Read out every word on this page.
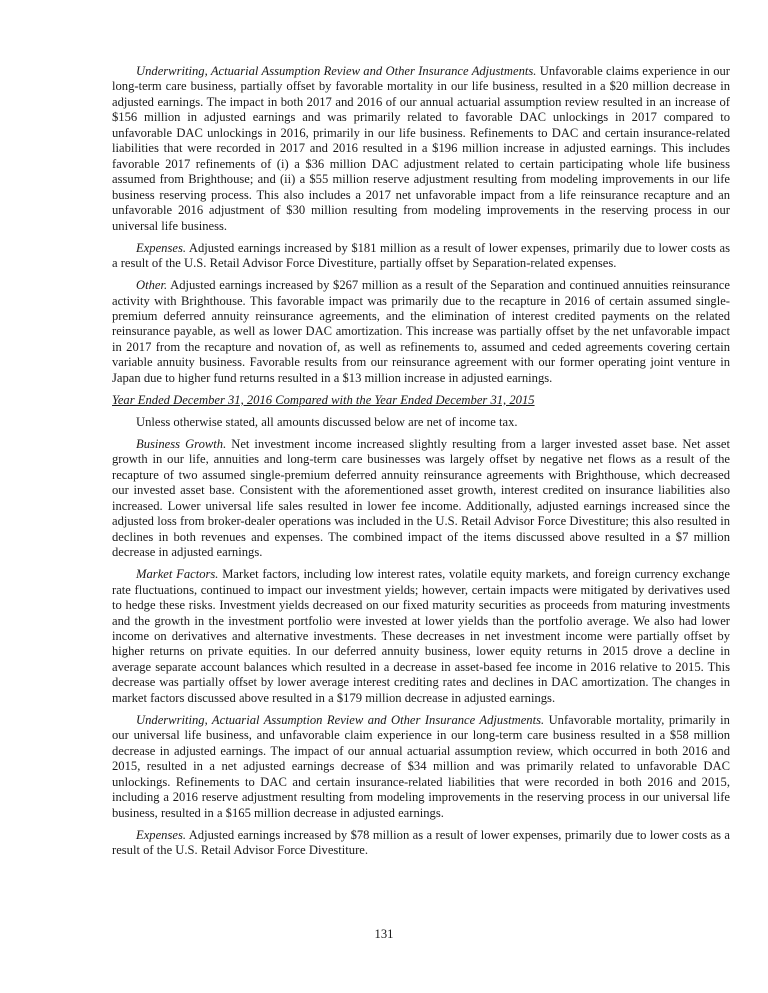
Underwriting, Actuarial Assumption Review and Other Insurance Adjustments. Unfavorable claims experience in our long-term care business, partially offset by favorable mortality in our life business, resulted in a $20 million decrease in adjusted earnings. The impact in both 2017 and 2016 of our annual actuarial assumption review resulted in an increase of $156 million in adjusted earnings and was primarily related to favorable DAC unlockings in 2017 compared to unfavorable DAC unlockings in 2016, primarily in our life business. Refinements to DAC and certain insurance-related liabilities that were recorded in 2017 and 2016 resulted in a $196 million increase in adjusted earnings. This includes favorable 2017 refinements of (i) a $36 million DAC adjustment related to certain participating whole life business assumed from Brighthouse; and (ii) a $55 million reserve adjustment resulting from modeling improvements in our life business reserving process. This also includes a 2017 net unfavorable impact from a life reinsurance recapture and an unfavorable 2016 adjustment of $30 million resulting from modeling improvements in the reserving process in our universal life business.

Expenses. Adjusted earnings increased by $181 million as a result of lower expenses, primarily due to lower costs as a result of the U.S. Retail Advisor Force Divestiture, partially offset by Separation-related expenses.

Other. Adjusted earnings increased by $267 million as a result of the Separation and continued annuities reinsurance activity with Brighthouse. This favorable impact was primarily due to the recapture in 2016 of certain assumed single-premium deferred annuity reinsurance agreements, and the elimination of interest credited payments on the related reinsurance payable, as well as lower DAC amortization. This increase was partially offset by the net unfavorable impact in 2017 from the recapture and novation of, as well as refinements to, assumed and ceded agreements covering certain variable annuity business. Favorable results from our reinsurance agreement with our former operating joint venture in Japan due to higher fund returns resulted in a $13 million increase in adjusted earnings.

Year Ended December 31, 2016 Compared with the Year Ended December 31, 2015

Unless otherwise stated, all amounts discussed below are net of income tax.

Business Growth. Net investment income increased slightly resulting from a larger invested asset base. Net asset growth in our life, annuities and long-term care businesses was largely offset by negative net flows as a result of the recapture of two assumed single-premium deferred annuity reinsurance agreements with Brighthouse, which decreased our invested asset base. Consistent with the aforementioned asset growth, interest credited on insurance liabilities also increased. Lower universal life sales resulted in lower fee income. Additionally, adjusted earnings increased since the adjusted loss from broker-dealer operations was included in the U.S. Retail Advisor Force Divestiture; this also resulted in declines in both revenues and expenses. The combined impact of the items discussed above resulted in a $7 million decrease in adjusted earnings.

Market Factors. Market factors, including low interest rates, volatile equity markets, and foreign currency exchange rate fluctuations, continued to impact our investment yields; however, certain impacts were mitigated by derivatives used to hedge these risks. Investment yields decreased on our fixed maturity securities as proceeds from maturing investments and the growth in the investment portfolio were invested at lower yields than the portfolio average. We also had lower income on derivatives and alternative investments. These decreases in net investment income were partially offset by higher returns on private equities. In our deferred annuity business, lower equity returns in 2015 drove a decline in average separate account balances which resulted in a decrease in asset-based fee income in 2016 relative to 2015. This decrease was partially offset by lower average interest crediting rates and declines in DAC amortization. The changes in market factors discussed above resulted in a $179 million decrease in adjusted earnings.

Underwriting, Actuarial Assumption Review and Other Insurance Adjustments. Unfavorable mortality, primarily in our universal life business, and unfavorable claim experience in our long-term care business resulted in a $58 million decrease in adjusted earnings. The impact of our annual actuarial assumption review, which occurred in both 2016 and 2015, resulted in a net adjusted earnings decrease of $34 million and was primarily related to unfavorable DAC unlockings. Refinements to DAC and certain insurance-related liabilities that were recorded in both 2016 and 2015, including a 2016 reserve adjustment resulting from modeling improvements in the reserving process in our universal life business, resulted in a $165 million decrease in adjusted earnings.

Expenses. Adjusted earnings increased by $78 million as a result of lower expenses, primarily due to lower costs as a result of the U.S. Retail Advisor Force Divestiture.

131
